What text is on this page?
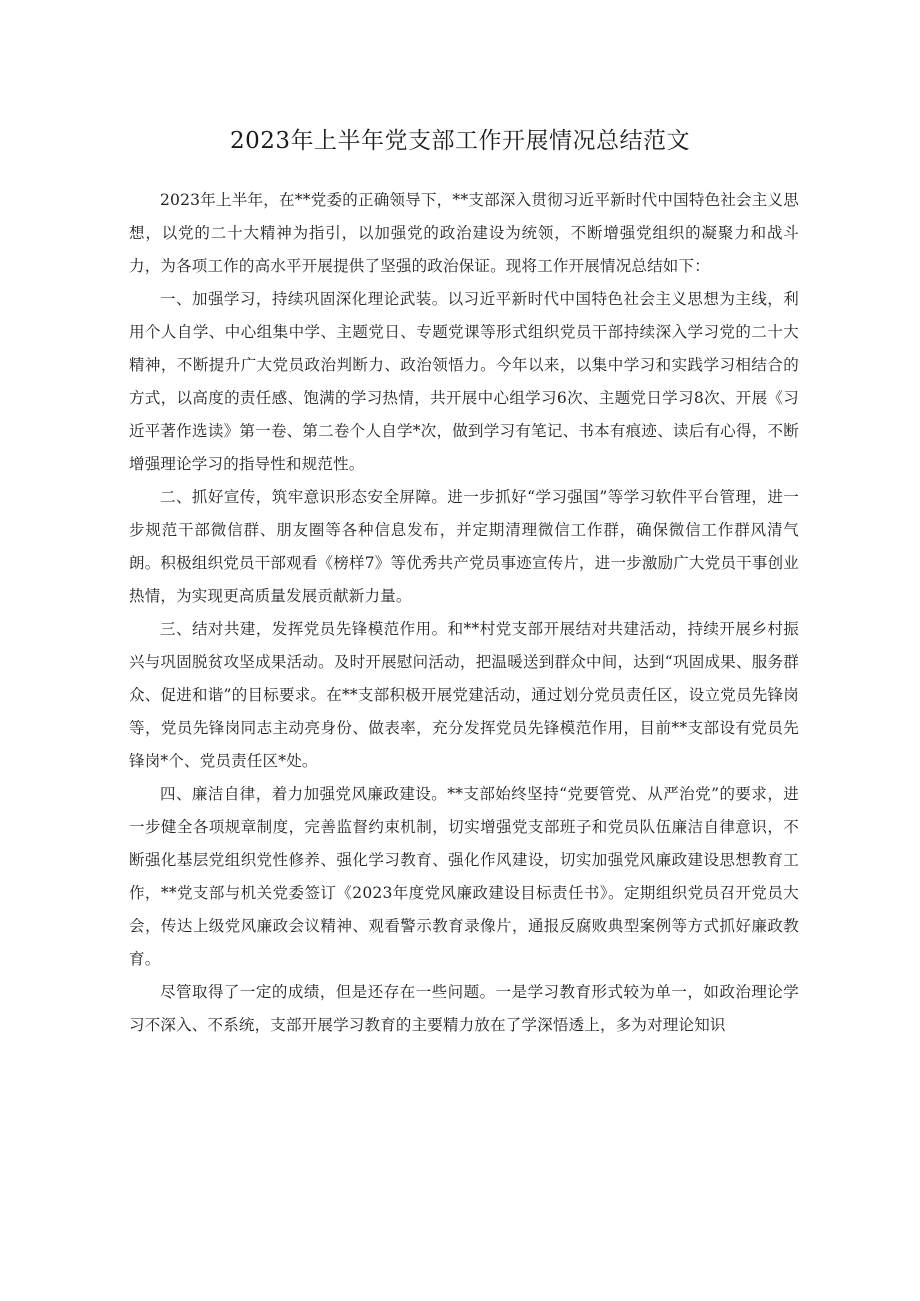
2023年上半年党支部工作开展情况总结范文

2023年上半年，在**党委的正确领导下，**支部深入贯彻习近平新时代中国特色社会主义思想，以党的二十大精神为指引，以加强党的政治建设为统领，不断增强党组织的凝聚力和战斗力，为各项工作的高水平开展提供了坚强的政治保证。现将工作开展情况总结如下：

一、加强学习，持续巩固深化理论武装。以习近平新时代中国特色社会主义思想为主线，利用个人自学、中心组集中学、主题党日、专题党课等形式组织党员干部持续深入学习党的二十大精神，不断提升广大党员政治判断力、政治领悟力。今年以来，以集中学习和实践学习相结合的方式，以高度的责任感、饱满的学习热情，共开展中心组学习6次、主题党日学习8次、开展《习近平著作选读》第一卷、第二卷个人自学*次，做到学习有笔记、书本有痕迹、读后有心得，不断增强理论学习的指导性和规范性。

二、抓好宣传，筑牢意识形态安全屏障。进一步抓好“学习强国”等学习软件平台管理，进一步规范干部微信群、朋友圈等各种信息发布，并定期清理微信工作群，确保微信工作群风清气朗。积极组织党员干部观看《榜样7》等优秀共产党员事迹宣传片，进一步激励广大党员干事创业热情，为实现更高质量发展贡献新力量。

三、结对共建，发挥党员先锋模范作用。和**村党支部开展结对共建活动，持续开展乡村振兴与巩固脱贫攻坚成果活动。及时开展慰问活动，把温暖送到群众中间，达到“巩固成果、服务群众、促进和谐”的目标要求。在**支部积极开展党建活动，通过划分党员责任区，设立党员先锋岗等，党员先锋岗同志主动亮身份、做表率，充分发挥党员先锋模范作用，目前**支部设有党员先锋岗*个、党员责任区*处。

四、廉洁自律，着力加强党风廉政建设。**支部始终坚持“党要管党、从严治党”的要求，进一步健全各项规章制度，完善监督约束机制，切实增强党支部班子和党员队伍廉洁自律意识，不断强化基层党组织党性修养、强化学习教育、强化作风建设，切实加强党风廉政建设思想教育工作，**党支部与机关党委签订《2023年度党风廉政建设目标责任书》。定期组织党员召开党员大会，传达上级党风廉政会议精神、观看警示教育录像片，通报反腐败典型案例等方式抓好廉政教育。

尽管取得了一定的成绩，但是还存在一些问题。一是学习教育形式较为单一，如政治理论学习不深入、不系统，支部开展学习教育的主要精力放在了学深悟透上，多为对理论知识
